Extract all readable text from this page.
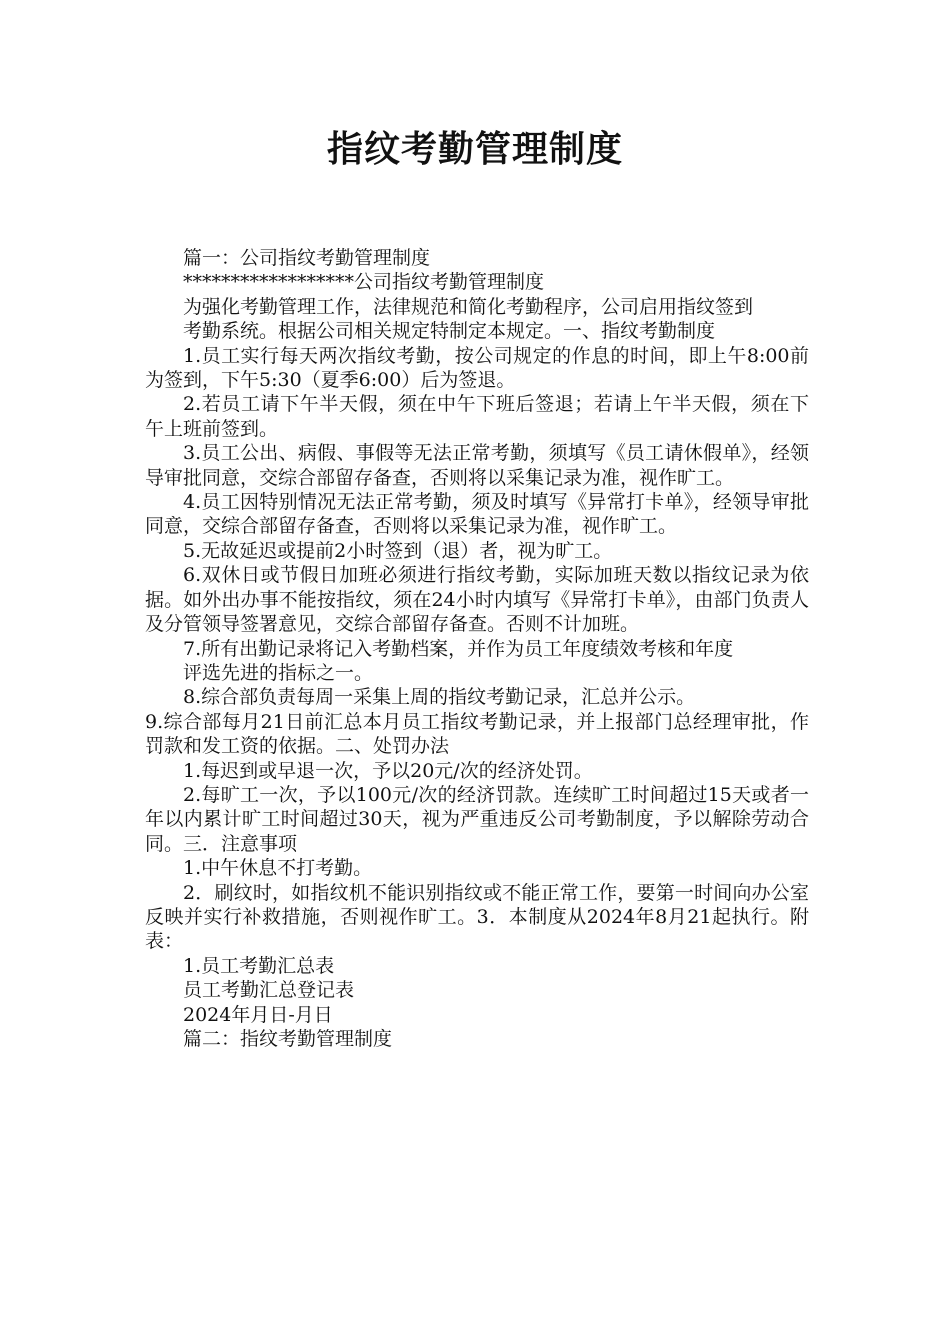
指纹考勤管理制度

篇一：公司指纹考勤管理制度

******************公司指纹考勤管理制度

为强化考勤管理工作，法律规范和简化考勤程序，公司启用指纹签到

考勤系统。根据公司相关规定特制定本规定。一、指纹考勤制度

1.员工实行每天两次指纹考勤，按公司规定的作息的时间，即上午8:00前为签到，下午5:30（夏季6:00）后为签退。

2.若员工请下午半天假，须在中午下班后签退；若请上午半天假，须在下午上班前签到。

3.员工公出、病假、事假等无法正常考勤，须填写《员工请休假单》，经领导审批同意，交综合部留存备查，否则将以采集记录为准，视作旷工。

4.员工因特别情况无法正常考勤，须及时填写《异常打卡单》，经领导审批同意，交综合部留存备查，否则将以采集记录为准，视作旷工。

5.无故延迟或提前2小时签到（退）者，视为旷工。

6.双休日或节假日加班必须进行指纹考勤，实际加班天数以指纹记录为依据。如外出办事不能按指纹，须在24小时内填写《异常打卡单》，由部门负责人及分管领导签署意见，交综合部留存备查。否则不计加班。

7.所有出勤记录将记入考勤档案，并作为员工年度绩效考核和年度

评选先进的指标之一。

8.综合部负责每周一采集上周的指纹考勤记录，汇总并公示。

9.综合部每月21日前汇总本月员工指纹考勤记录，并上报部门总经理审批，作罚款和发工资的依据。二、处罚办法

1.每迟到或早退一次，予以20元/次的经济处罚。

2.每旷工一次，予以100元/次的经济罚款。连续旷工时间超过15天或者一年以内累计旷工时间超过30天，视为严重违反公司考勤制度，予以解除劳动合同。三．注意事项

1.中午休息不打考勤。

2．刷纹时，如指纹机不能识别指纹或不能正常工作，要第一时间向办公室反映并实行补救措施，否则视作旷工。3．本制度从2024年8月21起执行。附表：

1.员工考勤汇总表

员工考勤汇总登记表

2024年月日-月日

篇二：指纹考勤管理制度
